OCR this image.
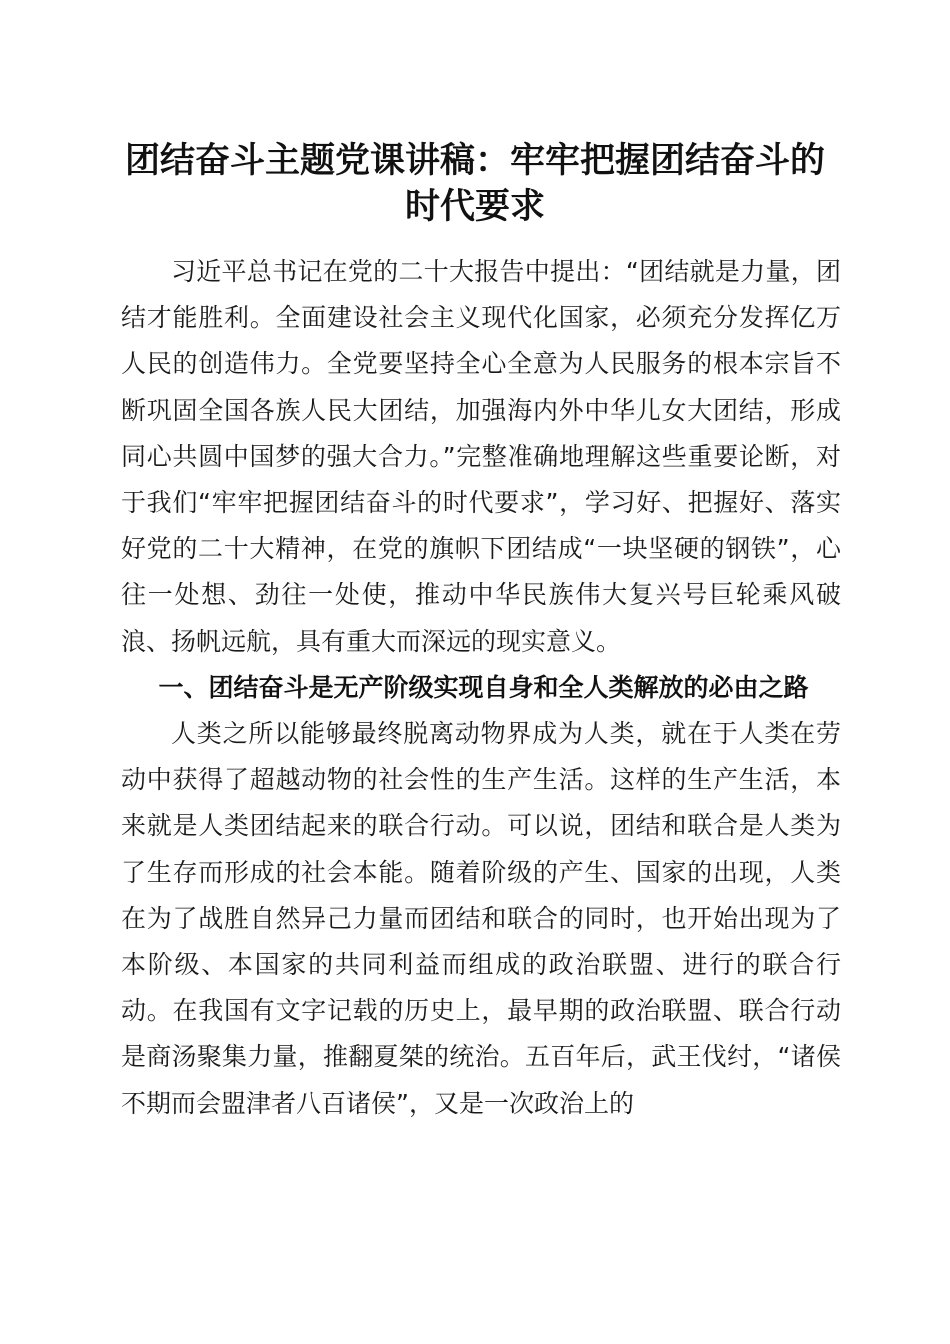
团结奋斗主题党课讲稿：牢牢把握团结奋斗的
时代要求

习近平总书记在党的二十大报告中提出：“团结就是力量，团结才能胜利。全面建设社会主义现代化国家，必须充分发挥亿万人民的创造伟力。全党要坚持全心全意为人民服务的根本宗旨不断巩固全国各族人民大团结，加强海内外中华儿女大团结，形成同心共圆中国梦的强大合力。”完整准确地理解这些重要论断，对于我们“牢牢把握团结奋斗的时代要求”，学习好、把握好、落实好党的二十大精神，在党的旗帜下团结成“一块坚硬的钢铁”，心往一处想、劲往一处使，推动中华民族伟大复兴号巨轮乘风破浪、扬帆远航，具有重大而深远的现实意义。

一、团结奋斗是无产阶级实现自身和全人类解放的必由之路

人类之所以能够最终脱离动物界成为人类，就在于人类在劳动中获得了超越动物的社会性的生产生活。这样的生产生活，本来就是人类团结起来的联合行动。可以说，团结和联合是人类为了生存而形成的社会本能。随着阶级的产生、国家的出现，人类在为了战胜自然异己力量而团结和联合的同时，也开始出现为了本阶级、本国家的共同利益而组成的政治联盟、进行的联合行动。在我国有文字记载的历史上，最早期的政治联盟、联合行动是商汤聚集力量，推翻夏桀的统治。五百年后，武王伐纣，“诸侯不期而会盟津者八百诸侯”，又是一次政治上的
